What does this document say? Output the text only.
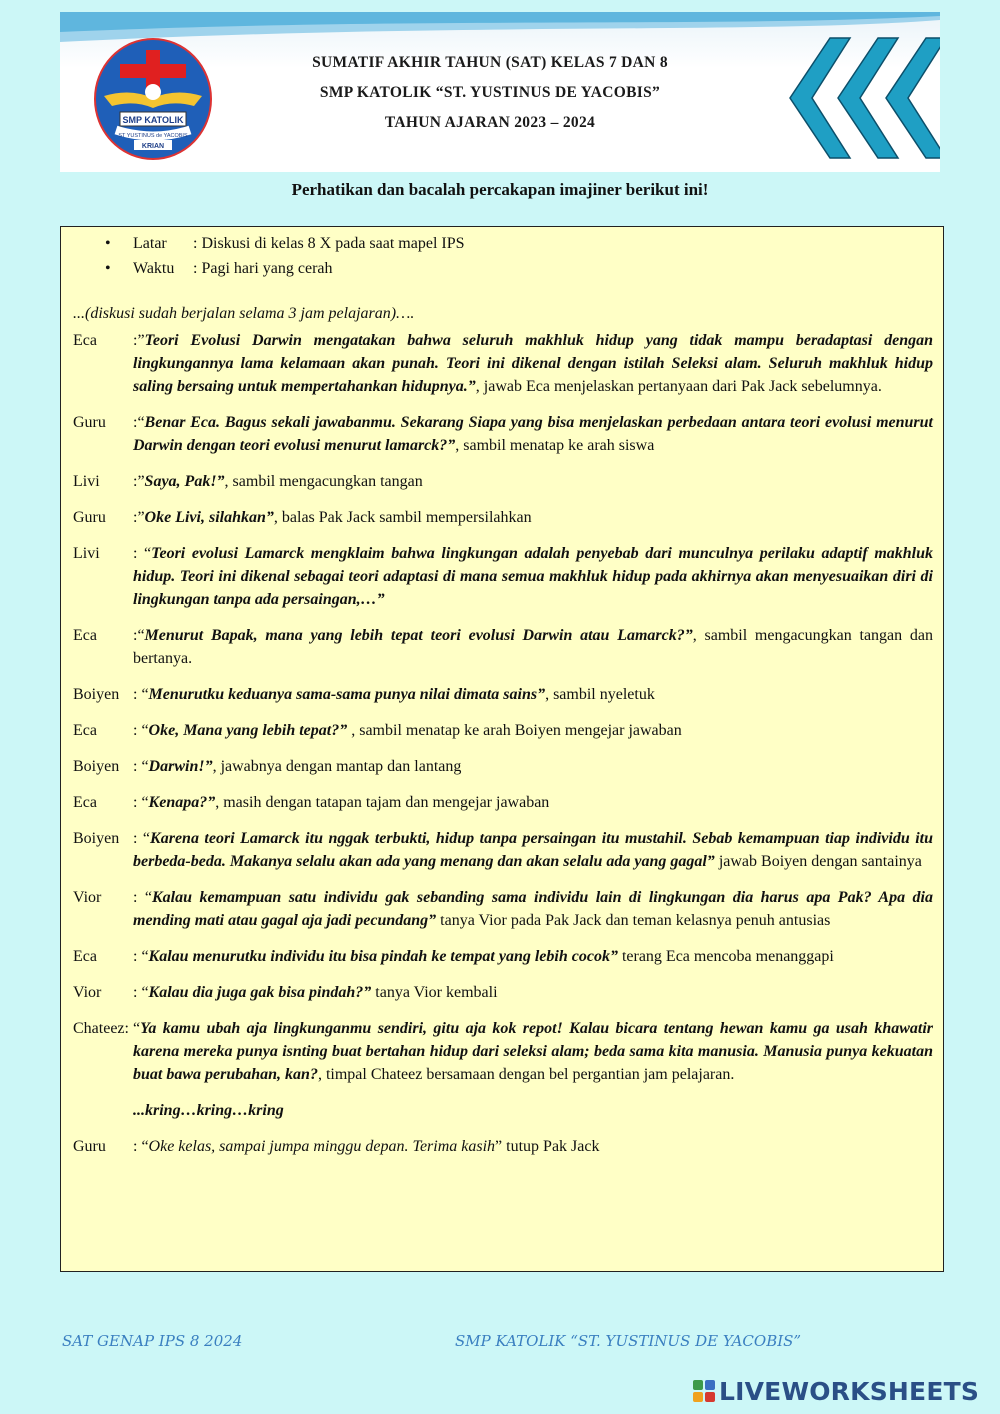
SMP KATOLIK
ST YUSTINUS de YACOBIS
KRIAN
SUMATIF AKHIR TAHUN (SAT) KELAS 7 DAN 8
SMP KATOLIK “ST. YUSTINUS DE YACOBIS”
TAHUN AJARAN 2023 – 2024
Perhatikan dan bacalah percakapan imajiner berikut ini!
• Latar : Diskusi di kelas 8 X pada saat mapel IPS
• Waktu : Pagi hari yang cerah
...(diskusi sudah berjalan selama 3 jam pelajaran)….
Eca :”Teori Evolusi Darwin mengatakan bahwa seluruh makhluk hidup yang tidak mampu beradaptasi dengan lingkungannya lama kelamaan akan punah. Teori ini dikenal dengan istilah Seleksi alam. Seluruh makhluk hidup saling bersaing untuk mempertahankan hidupnya.”, jawab Eca menjelaskan pertanyaan dari Pak Jack sebelumnya.
Guru :“Benar Eca. Bagus sekali jawabanmu. Sekarang Siapa yang bisa menjelaskan perbedaan antara teori evolusi menurut Darwin dengan teori evolusi menurut lamarck?”, sambil menatap ke arah siswa
Livi :”Saya, Pak!”, sambil mengacungkan tangan
Guru :”Oke Livi, silahkan”, balas Pak Jack sambil mempersilahkan
Livi : “Teori evolusi Lamarck mengklaim bahwa lingkungan adalah penyebab dari munculnya perilaku adaptif makhluk hidup. Teori ini dikenal sebagai teori adaptasi di mana semua makhluk hidup pada akhirnya akan menyesuaikan diri di lingkungan tanpa ada persaingan,…”
Eca :“Menurut Bapak, mana yang lebih tepat teori evolusi Darwin atau Lamarck?”, sambil mengacungkan tangan dan bertanya.
Boiyen : “Menurutku keduanya sama-sama punya nilai dimata sains”, sambil nyeletuk
Eca : “Oke, Mana yang lebih tepat?” , sambil menatap ke arah Boiyen mengejar jawaban
Boiyen : “Darwin!”, jawabnya dengan mantap dan lantang
Eca : “Kenapa?”, masih dengan tatapan tajam dan mengejar jawaban
Boiyen : “Karena teori Lamarck itu nggak terbukti, hidup tanpa persaingan itu mustahil. Sebab kemampuan tiap individu itu berbeda-beda. Makanya selalu akan ada yang menang dan akan selalu ada yang gagal” jawab Boiyen dengan santainya
Vior : “Kalau kemampuan satu individu gak sebanding sama individu lain di lingkungan dia harus apa Pak? Apa dia mending mati atau gagal aja jadi pecundang” tanya Vior pada Pak Jack dan teman kelasnya penuh antusias
Eca : “Kalau menurutku individu itu bisa pindah ke tempat yang lebih cocok” terang Eca mencoba menanggapi
Vior : “Kalau dia juga gak bisa pindah?” tanya Vior kembali
Chateez: “Ya kamu ubah aja lingkunganmu sendiri, gitu aja kok repot! Kalau bicara tentang hewan kamu ga usah khawatir karena mereka punya isnting buat bertahan hidup dari seleksi alam; beda sama kita manusia. Manusia punya kekuatan buat bawa perubahan, kan?, timpal Chateez bersamaan dengan bel pergantian jam pelajaran.
...kring…kring…kring
Guru : “Oke kelas, sampai jumpa minggu depan. Terima kasih” tutup Pak Jack
SAT GENAP IPS 8 2024	SMP KATOLIK “ST. YUSTINUS DE YACOBIS”
LIVEWORKSHEETS
